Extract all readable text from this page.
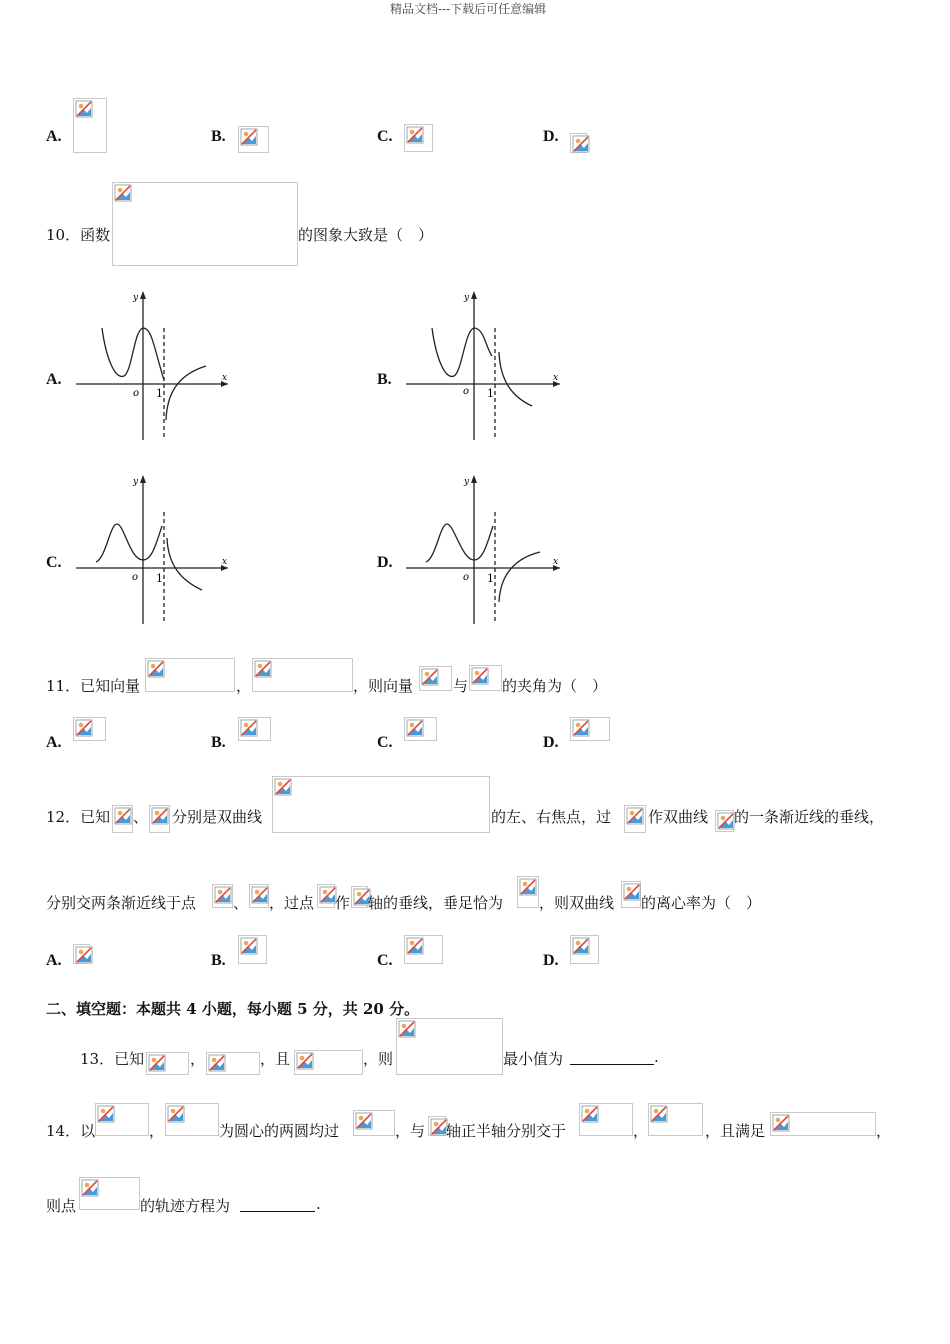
精品文档---下载后可任意编辑
A.	B.	C.	D.
10．函数	的图象大致是（　）
A.	B.
C.	D.
x
y
o 1
x
y
o 1
x
y
o 1
x
y
o 1
11．已知向量	，	，则向量	与 的夹角为（　）
A.	B.	C.	D.
12．已知 、 分别是双曲线	的左、右焦点，过 作双曲线 的一条渐近线的垂线，
分别交两条渐近线于点 、 ，过点 作 轴的垂线，垂足恰为 ，则双曲线 的离心率为（　）
A.	B.	C.	D.
二、填空题：本题共 4 小题，每小题 5 分，共 20 分。
13．已知	，	，且	，则	最小值为	.
14．以	，	为圆心的两圆均过	，与 轴正半轴分别交于	，	，且满足	，
则点	的轨迹方程为	.
